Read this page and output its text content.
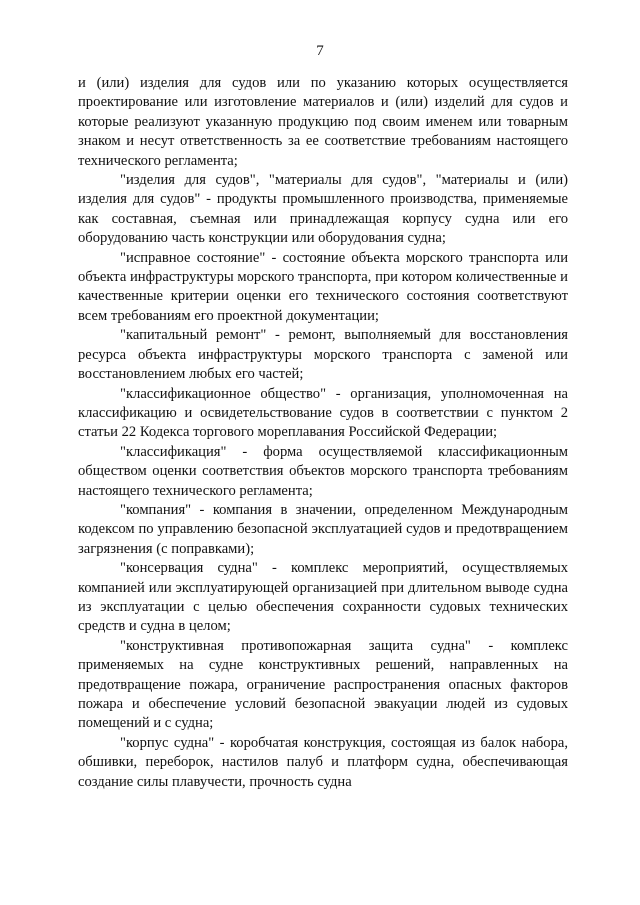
7

и (или) изделия для судов или по указанию которых осуществляется проектирование или изготовление материалов и (или) изделий для судов и которые реализуют указанную продукцию под своим именем или товарным знаком и несут ответственность за ее соответствие требованиям настоящего технического регламента;

"изделия для судов", "материалы для судов", "материалы и (или) изделия для судов" - продукты промышленного производства, применяемые как составная, съемная или принадлежащая корпусу судна или его оборудованию часть конструкции или оборудования судна;

"исправное состояние" - состояние объекта морского транспорта или объекта инфраструктуры морского транспорта, при котором количественные и качественные критерии оценки его технического состояния соответствуют всем требованиям его проектной документации;

"капитальный ремонт" - ремонт, выполняемый для восстановления ресурса объекта инфраструктуры морского транспорта с заменой или восстановлением любых его частей;

"классификационное общество" - организация, уполномоченная на классификацию и освидетельствование судов в соответствии с пунктом 2 статьи 22 Кодекса торгового мореплавания Российской Федерации;

"классификация" - форма осуществляемой классификационным обществом оценки соответствия объектов морского транспорта требованиям настоящего технического регламента;

"компания" - компания в значении, определенном Международным кодексом по управлению безопасной эксплуатацией судов и предотвращением загрязнения (с поправками);

"консервация судна" - комплекс мероприятий, осуществляемых компанией или эксплуатирующей организацией при длительном выводе судна из эксплуатации с целью обеспечения сохранности судовых технических средств и судна в целом;

"конструктивная противопожарная защита судна" - комплекс применяемых на судне конструктивных решений, направленных на предотвращение пожара, ограничение распространения опасных факторов пожара и обеспечение условий безопасной эвакуации людей из судовых помещений и с судна;

"корпус судна" - коробчатая конструкция, состоящая из балок набора, обшивки, переборок, настилов палуб и платформ судна, обеспечивающая создание силы плавучести, прочность судна
